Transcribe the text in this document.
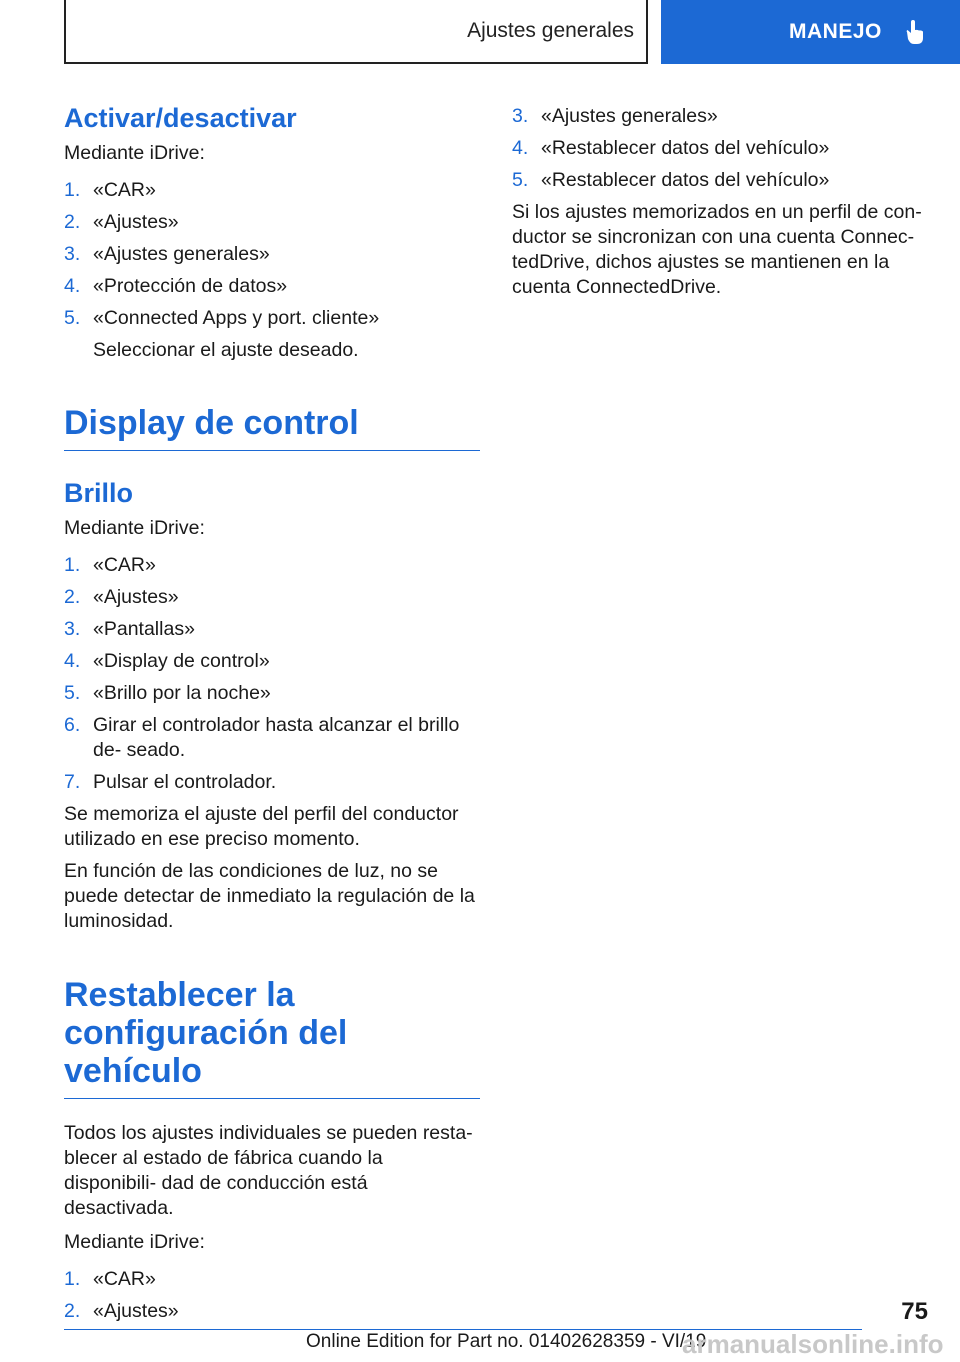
Ajustes generales	MANEJO
Activar/desactivar

Mediante iDrive:

1. «CAR»
2. «Ajustes»
3. «Ajustes generales»
4. «Protección de datos»
5. «Connected Apps y port. cliente»

Seleccionar el ajuste deseado.

Display de control
Brillo

Mediante iDrive:

1. «CAR»
2. «Ajustes»
3. «Pantallas»
4. «Display de control»
5. «Brillo por la noche»
6. Girar el controlador hasta alcanzar el brillo de‐ seado.
7. Pulsar el controlador.

Se memoriza el ajuste del perfil del conductor utilizado en ese preciso momento.

En función de las condiciones de luz, no se puede detectar de inmediato la regulación de la luminosidad.

Restablecer la
configuración del vehículo

Todos los ajustes individuales se pueden resta‐ blecer al estado de fábrica cuando la disponibili‐ dad de conducción está desactivada.

Mediante iDrive:

1. «CAR»
2. «Ajustes»
3. «Ajustes generales»
4. «Restablecer datos del vehículo»
5. «Restablecer datos del vehículo»

Si los ajustes memorizados en un perfil de con‐ ductor se sincronizan con una cuenta Connec‐ tedDrive, dichos ajustes se mantienen en la cuenta ConnectedDrive.

75
Online Edition for Part no. 01402628359 - VI/19
armanualsonline.info
